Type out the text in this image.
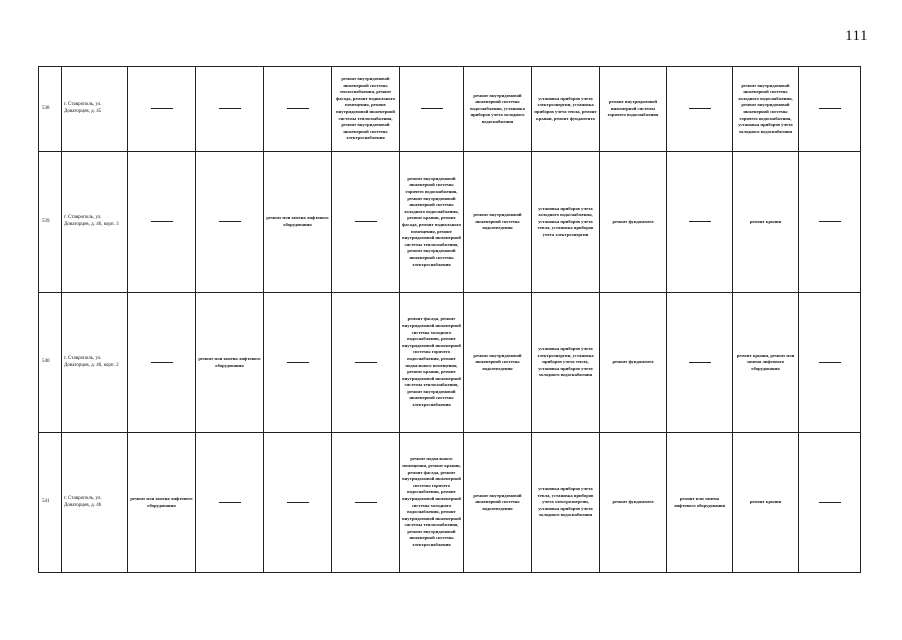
111
538	г. Ставрополь, ул. Доваторцев, д. 45				ремонт внутридомовой инженерной системы теплоснабжения, ремонт фасада, ремонт подвального помещения, ремонт внутридомовой инженерной системы теплоснабжения, ремонт внутридомовой инженерной системы электроснабжения		ремонт внутридомовой инженерной системы водоснабжения, установка приборов учета холодного водоснабжения	установка приборов учета электроэнергии, установка приборов учета тепла, ремонт крыши, ремонт фундамента	ремонт внутридомовой инженерной системы горячего водоснабжения		ремонт внутридомовой инженерной системы холодного водоснабжения, ремонт внутридомовой инженерной системы горячего водоснабжения, установка приборов учета холодного водоснабжения	
539	г. Ставрополь, ул. Доваторцев, д. 46, корп. 3			ремонт или замена лифтового оборудования		ремонт внутридомовой инженерной системы горячего водоснабжения, ремонт внутридомовой инженерной системы холодного водоснабжения, ремонт крыши, ремонт фасада, ремонт подвального помещения, ремонт внутридомовой инженерной системы теплоснабжения, ремонт внутридомовой инженерной системы электроснабжения	ремонт внутридомовой инженерной системы водоотведения	установка приборов учета холодного водоснабжения, установка приборов учета тепла, установка приборов учета электроэнергии	ремонт фундамента		ремонт крыши	
540	г. Ставрополь, ул. Доваторцев, д. 46, корп. 2		ремонт или замена лифтового оборудования			ремонт фасада, ремонт внутридомовой инженерной системы холодного водоснабжения, ремонт внутридомовой инженерной системы горячего водоснабжения, ремонт подвального помещения, ремонт крыши, ремонт внутридомовой инженерной системы теплоснабжения, ремонт внутридомовой инженерной системы электроснабжения	ремонт внутридомовой инженерной системы водоотведения	установка приборов учета электроэнергии, установка приборов учета тепла, установка приборов учета холодного водоснабжения	ремонт фундамента		ремонт крыши, ремонт или замена лифтового оборудования	
541	г. Ставрополь, ул. Доваторцев, д. 46	ремонт или замена лифтового оборудования				ремонт подвального помещения, ремонт крыши, ремонт фасада, ремонт внутридомовой инженерной системы горячего водоснабжения, ремонт внутридомовой инженерной системы холодного водоснабжения, ремонт внутридомовой инженерной системы теплоснабжения, ремонт внутридомовой инженерной системы электроснабжения	ремонт внутридомовой инженерной системы водоотведения	установка приборов учета тепла, установка приборов учета электроэнергии, установка приборов учета холодного водоснабжения	ремонт фундамента	ремонт или замена лифтового оборудования	ремонт крыши	
